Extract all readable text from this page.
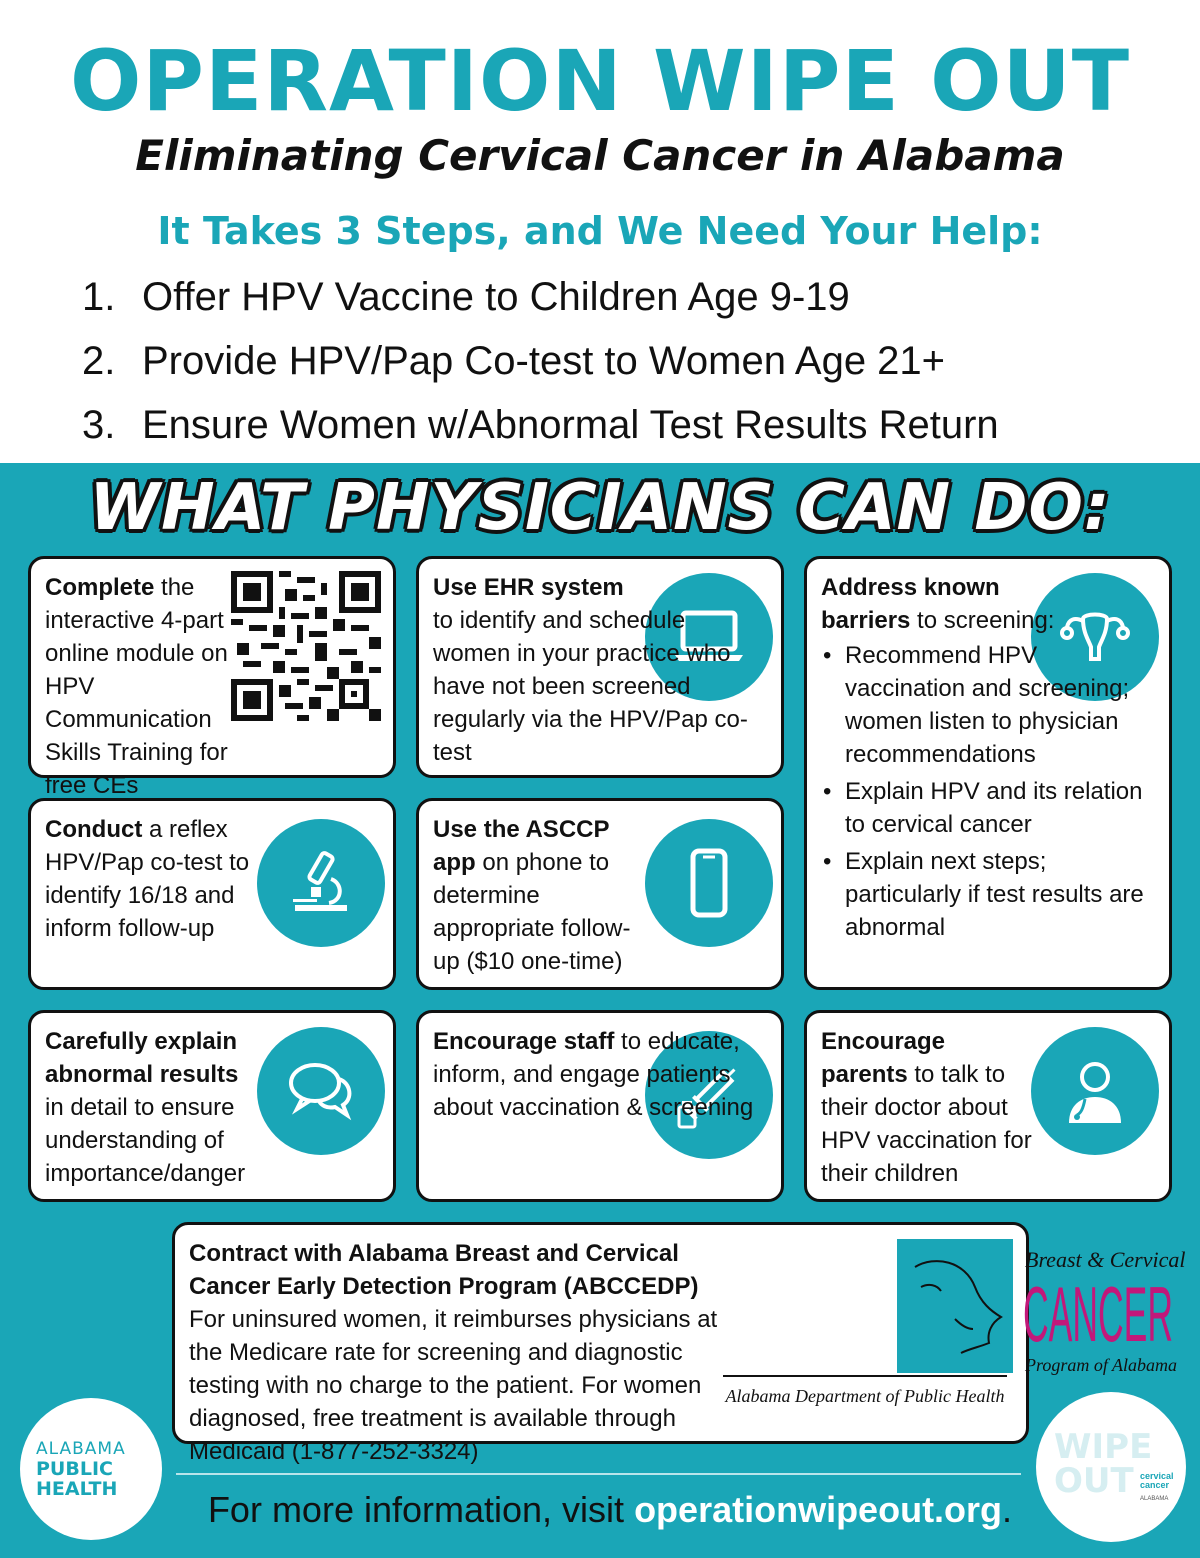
OPERATION WIPE OUT
Eliminating Cervical Cancer in Alabama
It Takes 3 Steps, and We Need Your Help:
1. Offer HPV Vaccine to Children Age 9-19
2. Provide HPV/Pap Co-test to Women Age 21+
3. Ensure Women w/Abnormal Test Results Return
WHAT PHYSICIANS CAN DO:
Complete the interactive 4-part online module on HPV Communication Skills Training for free CEs
Use EHR system
to identify and schedule women in your practice who have not been screened regularly via the HPV/Pap co-test
Address known
barriers to screening:
• Recommend HPV vaccination and screening; women listen to physician recommendations
• Explain HPV and its relation to cervical cancer
• Explain next steps; particularly if test results are abnormal
Conduct a reflex HPV/Pap co-test to identify 16/18 and inform follow-up
Use the ASCCP
app on phone to determine appropriate follow-up ($10 one-time)
Carefully explain
abnormal results
in detail to ensure understanding of importance/danger
Encourage staff to educate, inform, and engage patients about vaccination & screening
Encourage
parents to talk to their doctor about HPV vaccination for their children
Contract with Alabama Breast and Cervical Cancer Early Detection Program (ABCCEDP)
For uninsured women, it reimburses physicians at the Medicare rate for screening and diagnostic testing with no charge to the patient. For women diagnosed, free treatment is available through Medicaid (1-877-252-3324)
Breast & Cervical
CANCER
Program of Alabama
Alabama Department of Public Health
ALABAMA
PUBLIC
HEALTH
WIPE
OUT cervical cancer
ALABAMA
For more information, visit operationwipeout.org.
